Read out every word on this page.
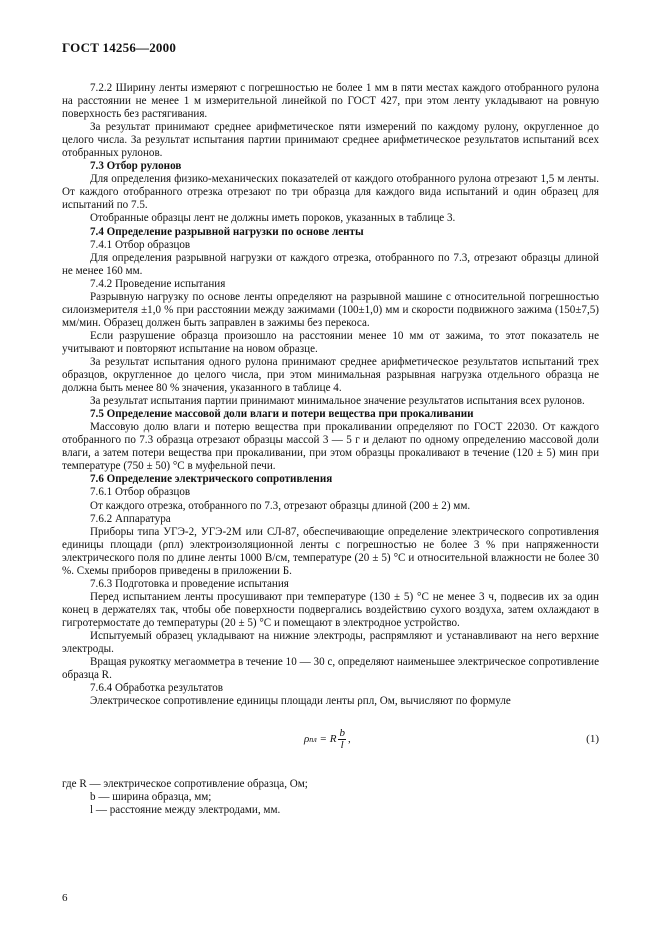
ГОСТ 14256—2000

7.2.2 Ширину ленты измеряют с погрешностью не более 1 мм в пяти местах каждого отобранного рулона на расстоянии не менее 1 м измерительной линейкой по ГОСТ 427, при этом ленту укладывают на ровную поверхность без растягивания.

За результат принимают среднее арифметическое пяти измерений по каждому рулону, округленное до целого числа. За результат испытания партии принимают среднее арифметическое результатов испытаний всех отобранных рулонов.

7.3 Отбор рулонов

Для определения физико-механических показателей от каждого отобранного рулона отрезают 1,5 м ленты. От каждого отобранного отрезка отрезают по три образца для каждого вида испытаний и один образец для испытаний по 7.5.

Отобранные образцы лент не должны иметь пороков, указанных в таблице 3.

7.4 Определение разрывной нагрузки по основе ленты

7.4.1 Отбор образцов

Для определения разрывной нагрузки от каждого отрезка, отобранного по 7.3, отрезают образцы длиной не менее 160 мм.

7.4.2 Проведение испытания

Разрывную нагрузку по основе ленты определяют на разрывной машине с относительной погрешностью силоизмерителя ±1,0 % при расстоянии между зажимами (100±1,0) мм и скорости подвижного зажима (150±7,5) мм/мин. Образец должен быть заправлен в зажимы без перекоса.

Если разрушение образца произошло на расстоянии менее 10 мм от зажима, то этот показатель не учитывают и повторяют испытание на новом образце.

За результат испытания одного рулона принимают среднее арифметическое результатов испытаний трех образцов, округленное до целого числа, при этом минимальная разрывная нагрузка отдельного образца не должна быть менее 80 % значения, указанного в таблице 4.

За результат испытания партии принимают минимальное значение результатов испытания всех рулонов.

7.5 Определение массовой доли влаги и потери вещества при прокаливании

Массовую долю влаги и потерю вещества при прокаливании определяют по ГОСТ 22030. От каждого отобранного по 7.3 образца отрезают образцы массой 3 — 5 г и делают по одному определению массовой доли влаги, а затем потери вещества при прокаливании, при этом образцы прокаливают в течение (120 ± 5) мин при температуре (750 ± 50) °С в муфельной печи.

7.6 Определение электрического сопротивления

7.6.1 Отбор образцов

От каждого отрезка, отобранного по 7.3, отрезают образцы длиной (200 ± 2) мм.

7.6.2 Аппаратура

Приборы типа УГЭ-2, УГЭ-2М или СЛ-87, обеспечивающие определение электрического сопротивления единицы площади (ρпл) электроизоляционной ленты с погрешностью не более 3 % при напряженности электрического поля по длине ленты 1000 В/см, температуре (20 ± 5) °С и относительной влажности не более 30 %. Схемы приборов приведены в приложении Б.

7.6.3 Подготовка и проведение испытания

Перед испытанием ленты просушивают при температуре (130 ± 5) °С не менее 3 ч, подвесив их за один конец в держателях так, чтобы обе поверхности подвергались воздействию сухого воздуха, затем охлаждают в гигротермостате до температуры (20 ± 5) °С и помещают в электродное устройство.

Испытуемый образец укладывают на нижние электроды, распрямляют и устанавливают на него верхние электроды.

Вращая рукоятку мегаомметра в течение 10 — 30 с, определяют наименьшее электрическое сопротивление образца R.

7.6.4 Обработка результатов

Электрическое сопротивление единицы площади ленты ρпл, Ом, вычисляют по формуле

ρ пл = R $\frac{b}{l}$ ,	(1)

где R — электрическое сопротивление образца, Ом;

b — ширина образца, мм;

l — расстояние между электродами, мм.

6
